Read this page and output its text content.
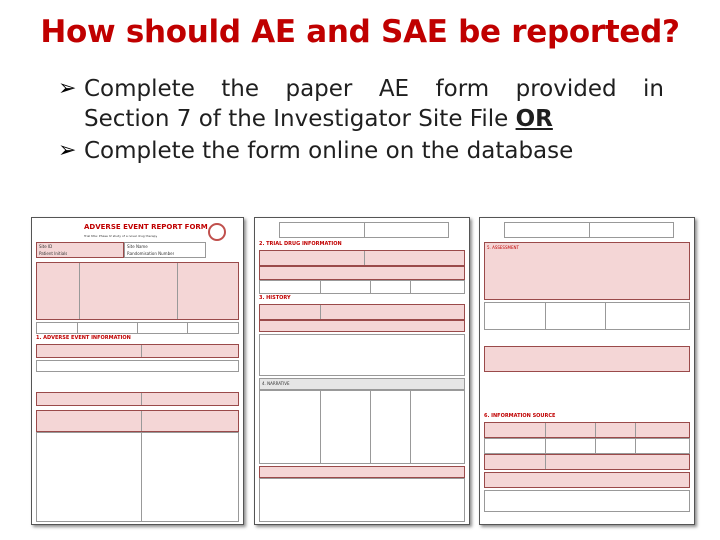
How should AE and SAE be reported?
➢ Complete the paper AE form provided in
Section 7 of the Investigator Site File OR
➢ Complete the form online on the database
ADVERSE EVENT REPORT FORM
Trial title: Phase IV study of a novel drug therapy
Site ID
Patient Initials
Site Name
Randomisation Number
1. ADVERSE EVENT INFORMATION
2. TRIAL DRUG INFORMATION
3. HISTORY
4. NARRATIVE
5. ASSESSMENT
6. INFORMATION SOURCE
